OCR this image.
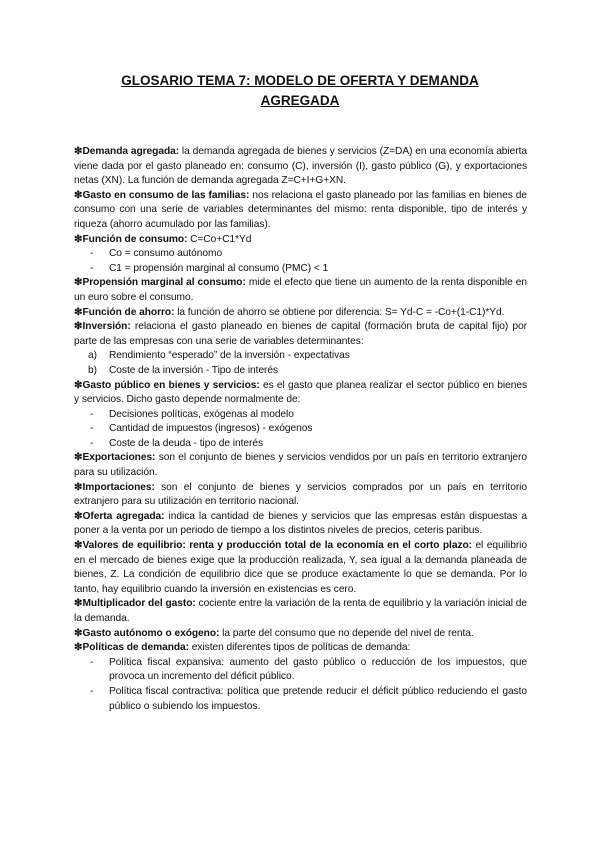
GLOSARIO TEMA 7: MODELO DE OFERTA Y DEMANDA
AGREGADA

❇Demanda agregada: la demanda agregada de bienes y servicios (Z=DA) en una economía abierta viene dada por el gasto planeado en: consumo (C), inversión (I), gasto público (G), y exportaciones netas (XN). La función de demanda agregada Z=C+I+G+XN.

❇Gasto en consumo de las familias: nos relaciona el gasto planeado por las familias en bienes de consumo con una serie de variables determinantes del mismo: renta disponible, tipo de interés y riqueza (ahorro acumulado por las familias).

❇Función de consumo: C=Co+C1*Yd

- Co = consumo autónomo
- C1 = propensión marginal al consumo (PMC) < 1

❇Propensión marginal al consumo: mide el efecto que tiene un aumento de la renta disponible en un euro sobre el consumo.

❇Función de ahorro: la función de ahorro se obtiene por diferencia: S= Yd-C = -Co+(1-C1)*Yd.

❇Inversión: relaciona el gasto planeado en bienes de capital (formación bruta de capital fijo) por parte de las empresas con una serie de variables determinantes:

a) Rendimiento “esperado” de la inversión - expectativas
b) Coste de la inversión - Tipo de interés

❇Gasto público en bienes y servicios: es el gasto que planea realizar el sector público en bienes y servicios. Dicho gasto depende normalmente de:

- Decisiones políticas, exógenas al modelo
- Cantidad de impuestos (ingresos) - exógenos
- Coste de la deuda - tipo de interés

❇Exportaciones: son el conjunto de bienes y servicios vendidos por un país en territorio extranjero para su utilización.

❇Importaciones: son el conjunto de bienes y servicios comprados por un país en territorio extranjero para su utilización en territorio nacional.

❇Oferta agregada: indica la cantidad de bienes y servicios que las empresas están dispuestas a poner a la venta por un periodo de tiempo a los distintos niveles de precios, ceteris paribus.

❇Valores de equilibrio: renta y producción total de la economía en el corto plazo: el equilibrio en el mercado de bienes exige que la producción realizada, Y, sea igual a la demanda planeada de bienes, Z. La condición de equilibrio dice que se produce exactamente lo que se demanda. Por lo tanto, hay equilibrio cuando la inversión en existencias es cero.

❇Multiplicador del gasto: cociente entre la variación de la renta de equilibrio y la variación inicial de la demanda.

❇Gasto autónomo o exógeno: la parte del consumo que no depende del nivel de renta.

❇Políticas de demanda: existen diferentes tipos de políticas de demanda:

- Política fiscal expansiva: aumento del gasto público o reducción de los impuestos, que provoca un incremento del déficit público.
- Política fiscal contractiva: política que pretende reducir el déficit público reduciendo el gasto público o subiendo los impuestos.
